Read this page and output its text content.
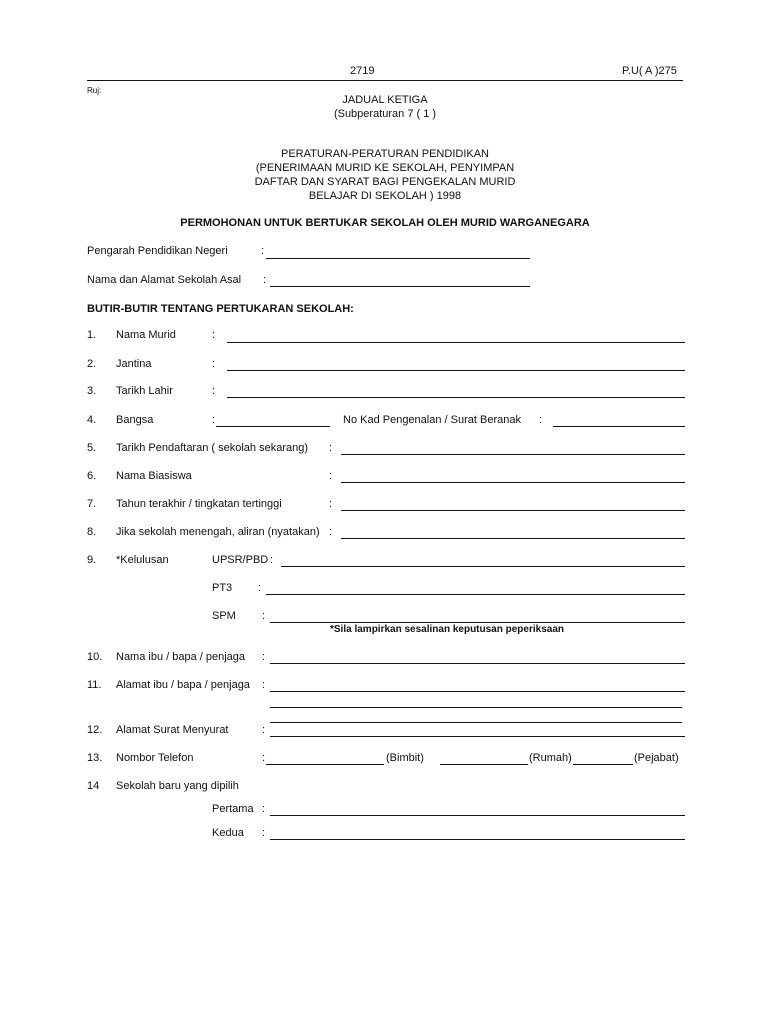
2719	P.U( A )275
Ruj:
JADUAL KETIGA
(Subperaturan 7 ( 1 )
PERATURAN-PERATURAN PENDIDIKAN
(PENERIMAAN MURID KE SEKOLAH, PENYIMPAN
DAFTAR DAN SYARAT BAGI PENGEKALAN MURID
BELAJAR DI SEKOLAH ) 1998
PERMOHONAN UNTUK BERTUKAR SEKOLAH OLEH MURID WARGANEGARA
Pengarah Pendidikan Negeri	:
Nama dan Alamat Sekolah Asal :
BUTIR-BUTIR TENTANG PERTUKARAN SEKOLAH:
1. Nama Murid	:
2. Jantina	:
3. Tarikh Lahir	:
4. Bangsa	:	No Kad Pengenalan / Surat Beranak :
5. Tarikh Pendaftaran ( sekolah sekarang) :
6. Nama Biasiswa	:
7. Tahun terakhir / tingkatan tertinggi	:
8. Jika sekolah menengah, aliran (nyatakan) :
9. *Kelulusan	UPSR/PBD :
PT3 :
SPM :
*Sila lampirkan sesalinan keputusan peperiksaan
10. Nama ibu / bapa / penjaga :
11. Alamat ibu / bapa / penjaga :
12. Alamat Surat Menyurat	:
13. Nombor Telefon	:	(Bimbit)	(Rumah)	(Pejabat)
14 Sekolah baru yang dipilih
Pertama :
Kedua :
